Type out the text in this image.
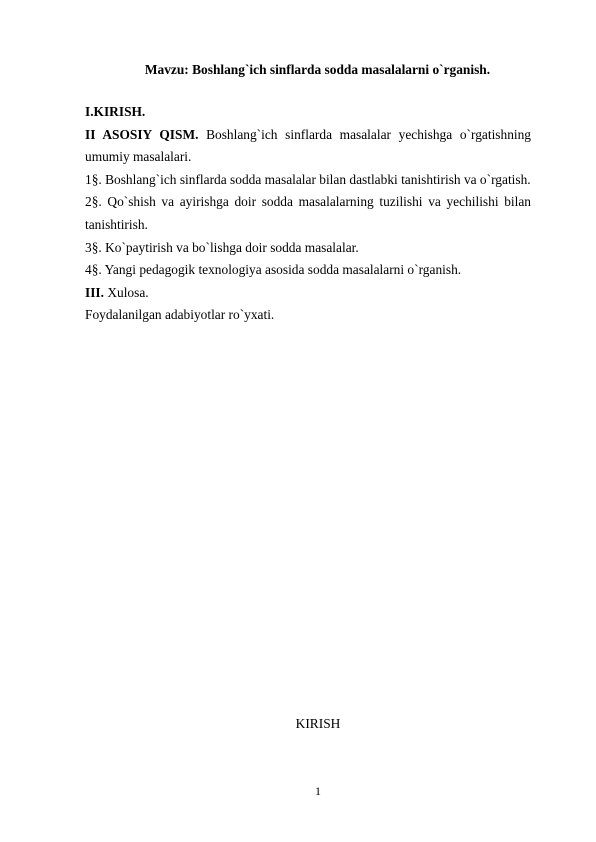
Mavzu: Boshlang`ich sinflarda sodda masalalarni o`rganish.

I.KIRISH.

II ASOSIY QISM. Boshlang`ich sinflarda masalalar yechishga o`rgatishning umumiy masalalari.

1§. Boshlang`ich sinflarda sodda masalalar bilan dastlabki tanishtirish va o`rgatish.

2§. Qo`shish va ayirishga doir sodda masalalarning tuzilishi va yechilishi bilan tanishtirish.

3§. Ko`paytirish va bo`lishga doir sodda masalalar.

4§. Yangi pedagogik texnologiya asosida sodda masalalarni o`rganish.

III. Xulosa.

Foydalanilgan adabiyotlar ro`yxati.

KIRISH
1
